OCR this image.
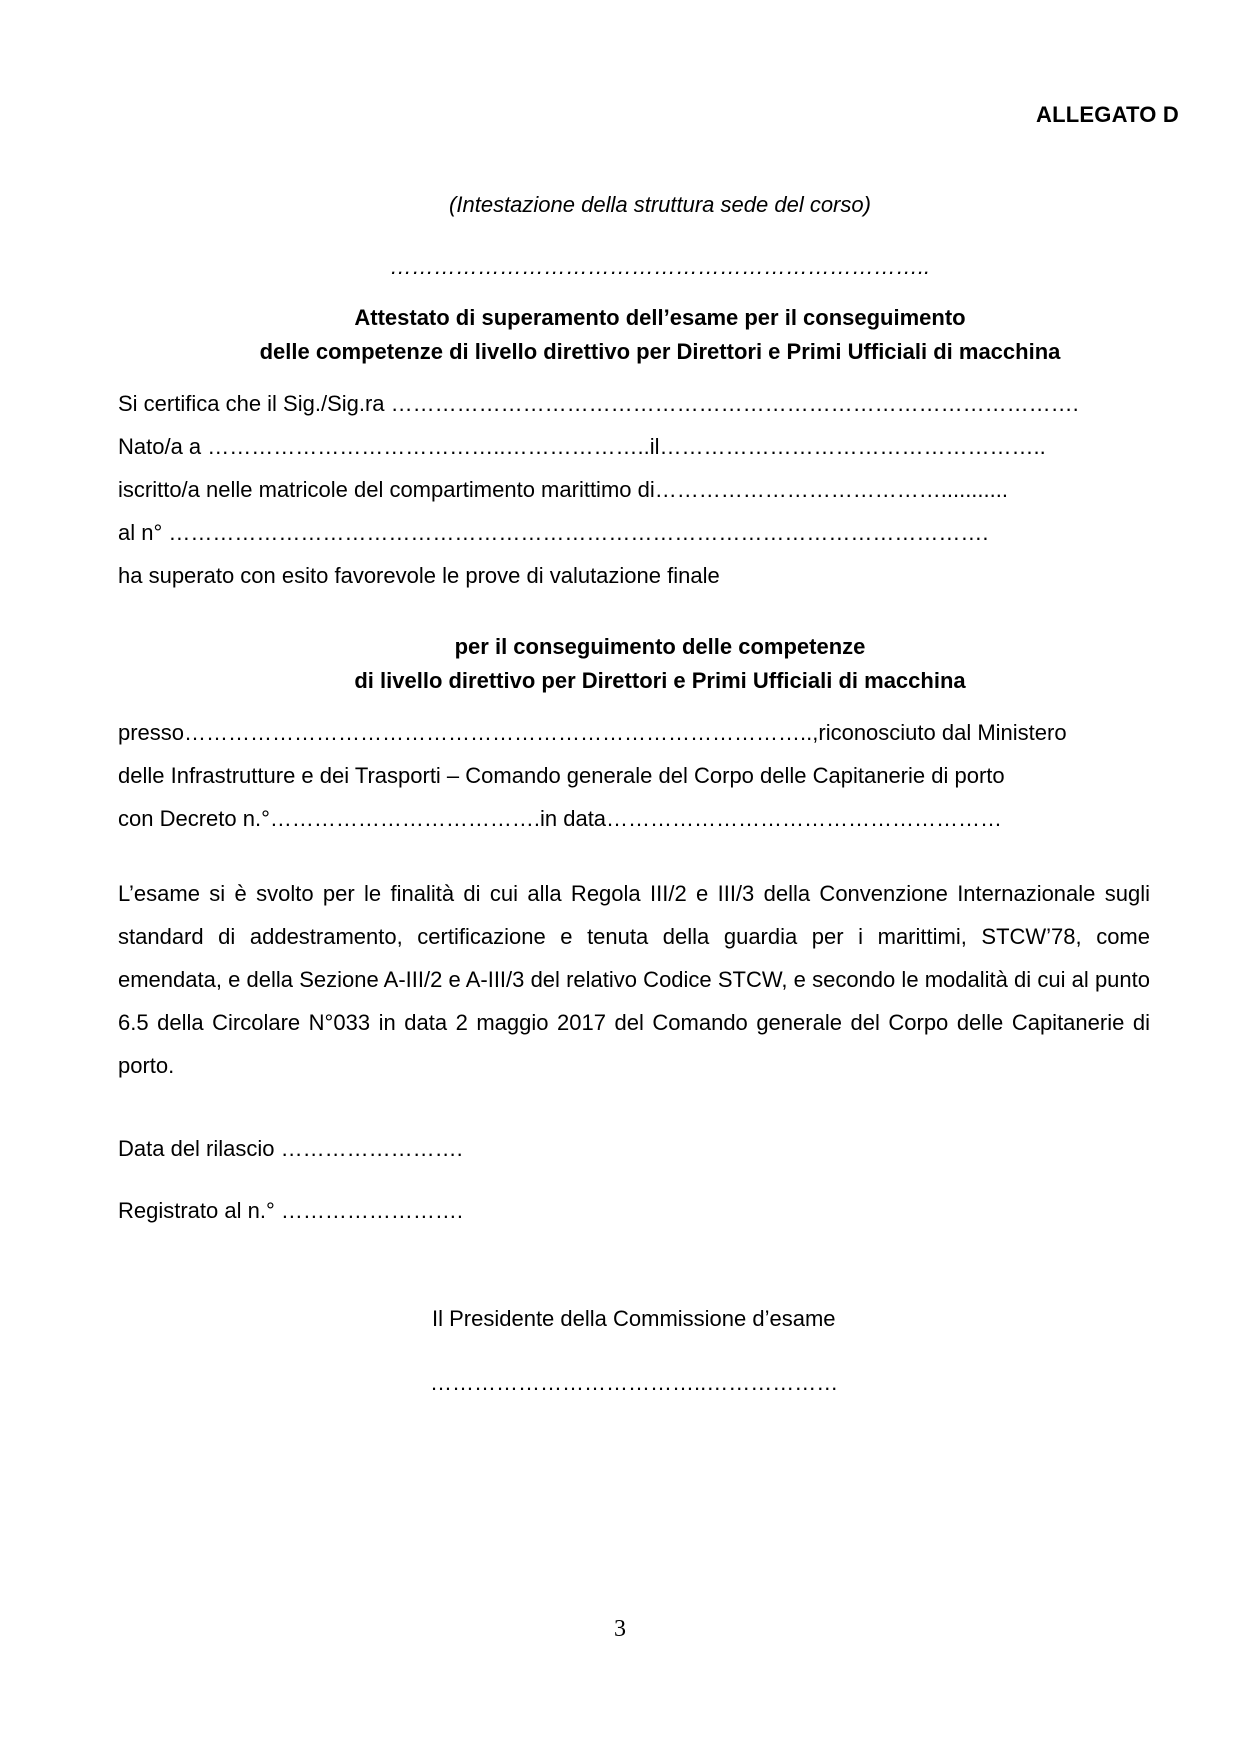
ALLEGATO D
(Intestazione della struttura sede del corso)
………………………………………………………………..
Attestato di superamento dell’esame per il conseguimento
delle competenze di livello direttivo per Direttori e Primi Ufficiali di macchina
Si certifica che il Sig./Sig.ra ………………………………………………………………………………….
Nato/a a …………………………………..………………..il……………………………………………..
iscritto/a nelle matricole del compartimento marittimo di…………………………………...........
al n° ………………………………………………………………………………………………….
ha superato con esito favorevole le prove di valutazione finale
per il conseguimento delle competenze
di livello direttivo per Direttori e Primi Ufficiali di macchina
presso…………………………………………………………………………..,riconosciuto dal Ministero
delle Infrastrutture e dei Trasporti – Comando generale del Corpo delle Capitanerie di porto
con Decreto n.°……………………………….in data………………………………………………
L’esame si è svolto per le finalità di cui alla Regola III/2 e III/3 della Convenzione Internazionale sugli standard di addestramento, certificazione e tenuta della guardia per i marittimi, STCW’78, come emendata, e della Sezione A-III/2 e A-III/3 del relativo Codice STCW, e secondo le modalità di cui al punto 6.5 della Circolare N°033 in data 2 maggio 2017 del Comando generale del Corpo delle Capitanerie di porto.
Data del rilascio …………………….
Registrato al n.° …………………….
Il Presidente della Commissione d’esame
………………………………..………………
3
